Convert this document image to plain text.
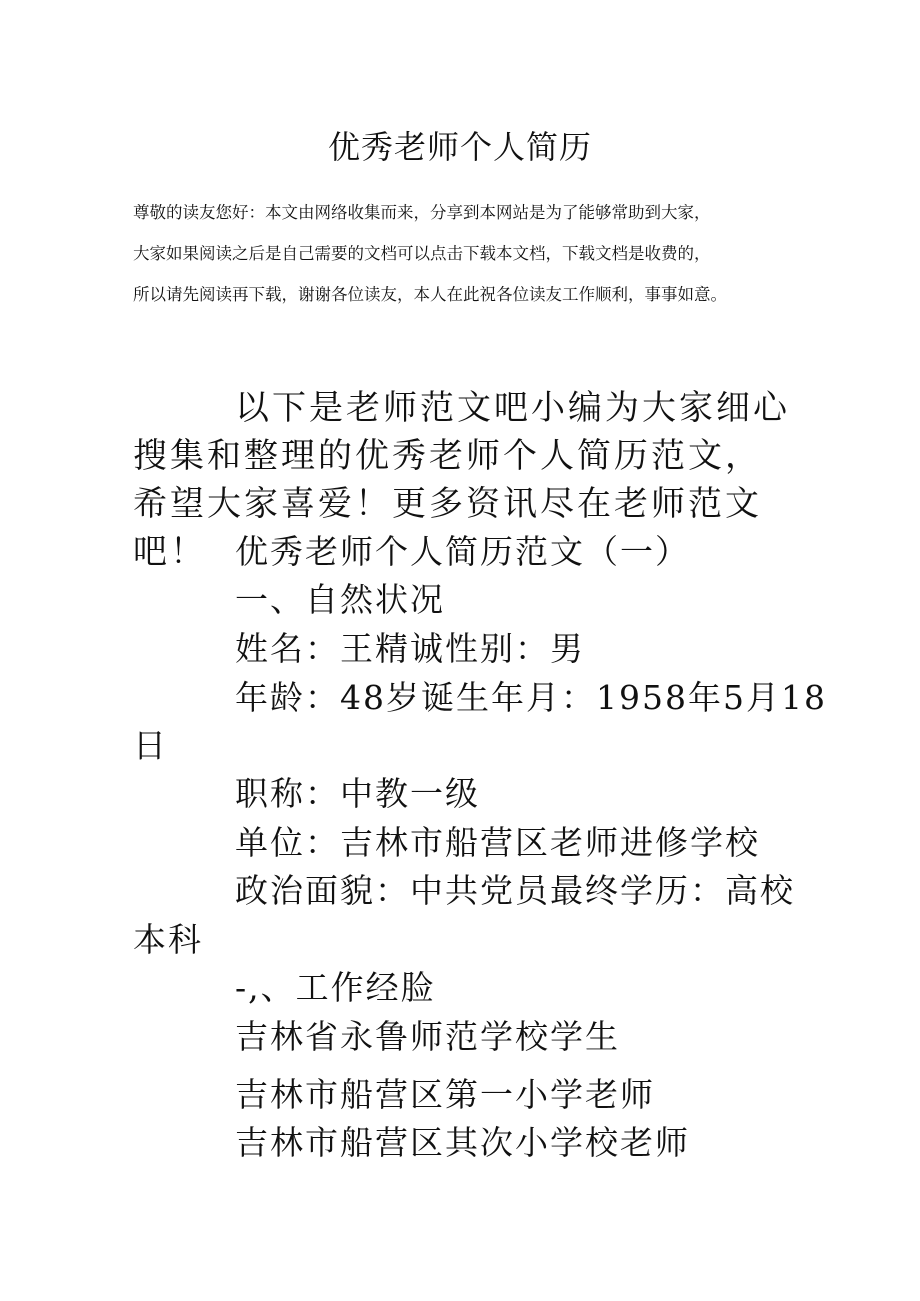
优秀老师个人简历
尊敬的读友您好：本文由网络收集而来，分享到本网站是为了能够常助到大家，
大家如果阅读之后是自己需要的文档可以点击下载本文档，下载文档是收费的，
所以请先阅读再下载，谢谢各位读友，本人在此祝各位读友工作顺利，事事如意。
以下是老师范文吧小编为大家细心搜集和整理的优秀老师个人简历范文，希望大家喜爱！更多资讯尽在老师范文吧！ 优秀老师个人简历范文（一）
一、自然状况
姓名：王精诚性别：男
年龄：48岁诞生年月：1958年5月18
日
职称：中教一级
单位：吉林市船营区老师进修学校
政治面貌：中共党员最终学历：高校
本科
-,、工作经脸
吉林省永鲁师范学校学生
吉林市船营区第一小学老师
吉林市船营区其次小学校老师
